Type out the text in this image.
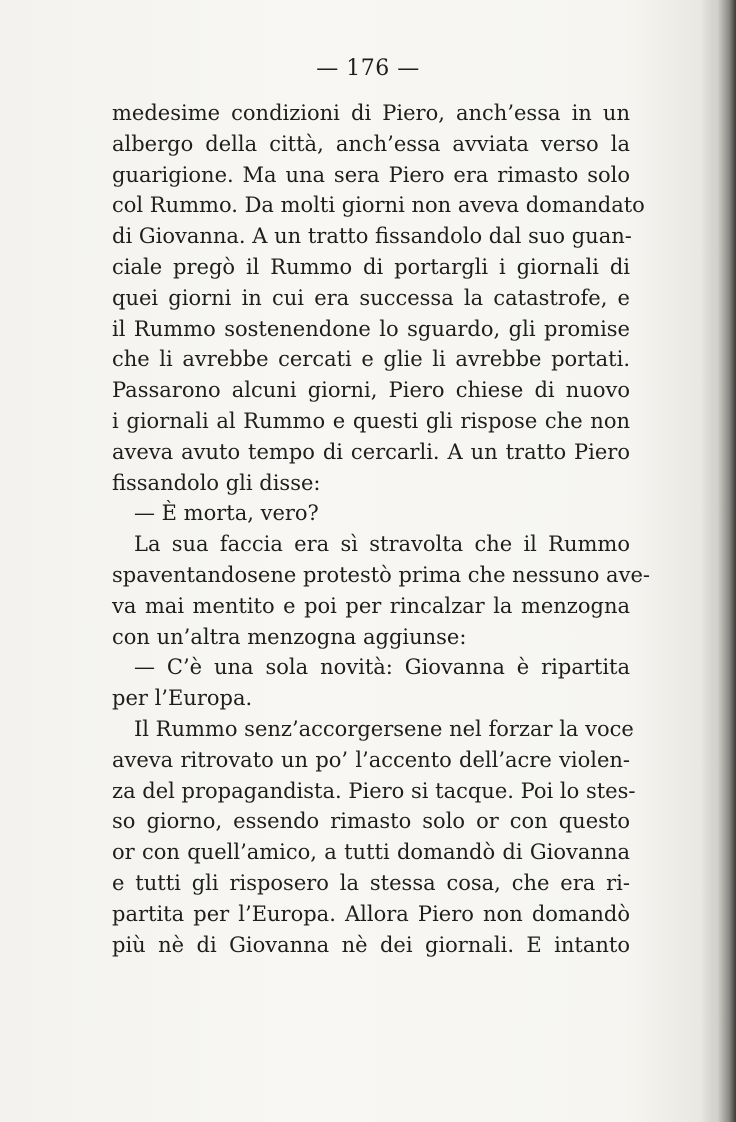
— 176 —
medesime condizioni di Piero, anch’essa in un
albergo della città, anch’essa avviata verso la
guarigione. Ma una sera Piero era rimasto solo
col Rummo. Da molti giorni non aveva domandato
di Giovanna. A un tratto fissandolo dal suo guan-
ciale pregò il Rummo di portargli i giornali di
quei giorni in cui era successa la catastrofe, e
il Rummo sostenendone lo sguardo, gli promise
che li avrebbe cercati e glie li avrebbe portati.
Passarono alcuni giorni, Piero chiese di nuovo
i giornali al Rummo e questi gli rispose che non
aveva avuto tempo di cercarli. A un tratto Piero
fissandolo gli disse:
— È morta, vero?
La sua faccia era sì stravolta che il Rummo
spaventandosene protestò prima che nessuno ave-
va mai mentito e poi per rincalzar la menzogna
con un’altra menzogna aggiunse:
— C’è una sola novità: Giovanna è ripartita
per l’Europa.
Il Rummo senz’accorgersene nel forzar la voce
aveva ritrovato un po’ l’accento dell’acre violen-
za del propagandista. Piero si tacque. Poi lo stes-
so giorno, essendo rimasto solo or con questo
or con quell’amico, a tutti domandò di Giovanna
e tutti gli risposero la stessa cosa, che era ri-
partita per l’Europa. Allora Piero non domandò
più nè di Giovanna nè dei giornali. E intanto
